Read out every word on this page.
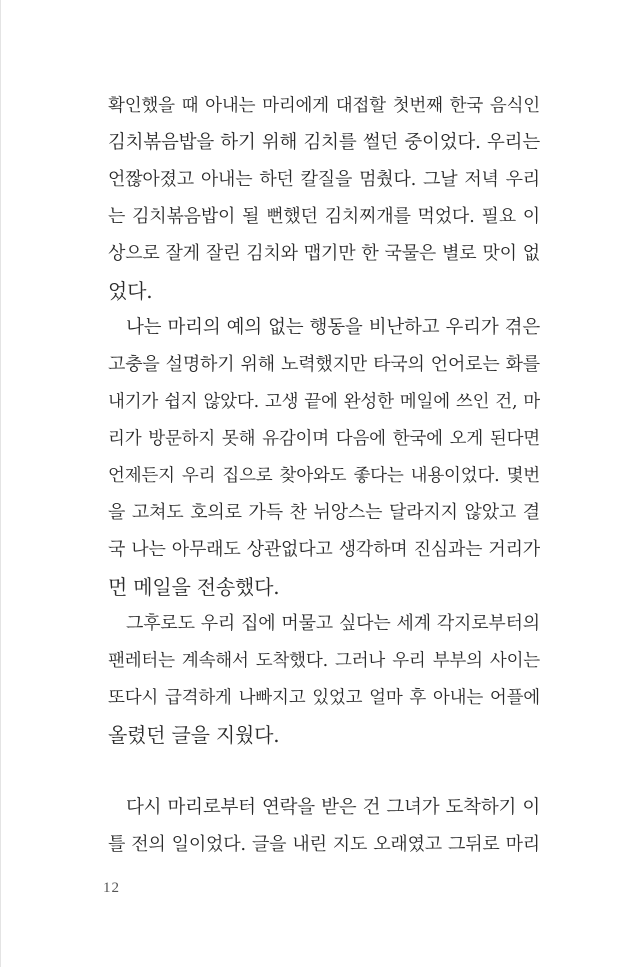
확인했을 때 아내는 마리에게 대접할 첫번째 한국 음식인
김치볶음밥을 하기 위해 김치를 썰던 중이었다. 우리는
언짢아졌고 아내는 하던 칼질을 멈췄다. 그날 저녁 우리
는 김치볶음밥이 될 뻔했던 김치찌개를 먹었다. 필요 이
상으로 잘게 잘린 김치와 맵기만 한 국물은 별로 맛이 없
었다.
나는 마리의 예의 없는 행동을 비난하고 우리가 겪은
고충을 설명하기 위해 노력했지만 타국의 언어로는 화를
내기가 쉽지 않았다. 고생 끝에 완성한 메일에 쓰인 건, 마
리가 방문하지 못해 유감이며 다음에 한국에 오게 된다면
언제든지 우리 집으로 찾아와도 좋다는 내용이었다. 몇번
을 고쳐도 호의로 가득 찬 뉘앙스는 달라지지 않았고 결
국 나는 아무래도 상관없다고 생각하며 진심과는 거리가
먼 메일을 전송했다.
그후로도 우리 집에 머물고 싶다는 세계 각지로부터의
팬레터는 계속해서 도착했다. 그러나 우리 부부의 사이는
또다시 급격하게 나빠지고 있었고 얼마 후 아내는 어플에
올렸던 글을 지웠다.
다시 마리로부터 연락을 받은 건 그녀가 도착하기 이
틀 전의 일이었다. 글을 내린 지도 오래였고 그뒤로 마리
12
